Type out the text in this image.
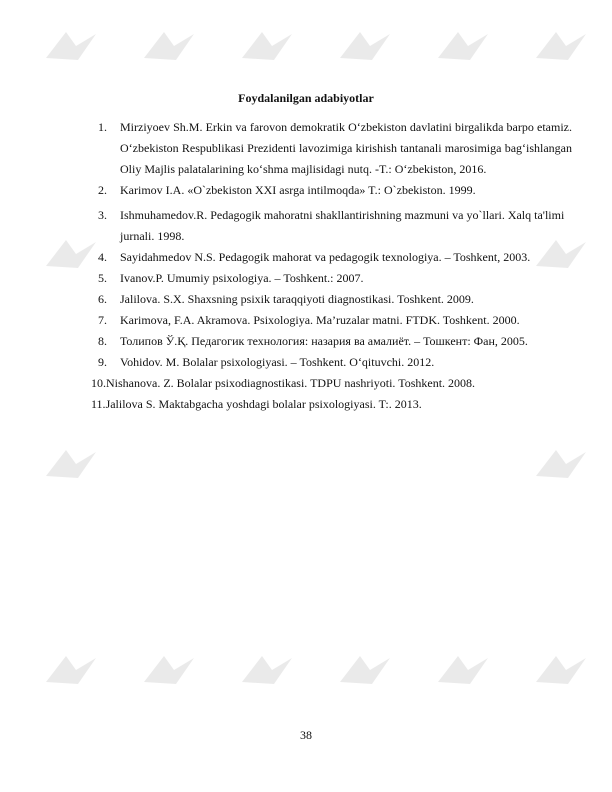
Foydalanilgan adabiyotlar
1. Mirziyoev Sh.M. Erkin va farovon demokratik O‘zbekiston davlatini birgalikda barpo etamiz. O‘zbekiston Respublikasi Prezidenti lavozimiga kirishish tantanali marosimiga bag‘ishlangan Oliy Majlis palatalarining ko‘shma majlisidagi nutq. -T.: O‘zbekiston, 2016.
2. Karimov I.A. «O`zbekiston XXI asrga intilmoqda» T.: O`zbekiston. 1999.
3. Ishmuhamedov.R. Pedagogik mahoratni shakllantirishning mazmuni va yo`llari. Xalq ta'limi jurnali. 1998.
4. Sayidahmedov N.S. Pedagogik mahorat va pedagogik texnologiya. – Toshkent, 2003.
5. Ivanov.P. Umumiy psixologiya. – Toshkent.: 2007.
6. Jalilova. S.X. Shaxsning psixik taraqqiyoti diagnostikasi. Toshkent. 2009.
7. Karimova, F.A. Akramova. Psixologiya. Ma’ruzalar matni. FTDK. Toshkent. 2000.
8. Толипов Ў.Қ. Педагогик технология: назария ва амалиёт. – Тошкент: Фан, 2005.
9. Vohidov. M. Bolalar psixologiyasi. – Toshkent. O‘qituvchi. 2012.
10.Nishanova. Z. Bolalar psixodiagnostikasi. TDPU nashriyoti. Toshkent. 2008.
11.Jalilova S. Maktabgacha yoshdagi bolalar psixologiyasi. T:. 2013.
38
